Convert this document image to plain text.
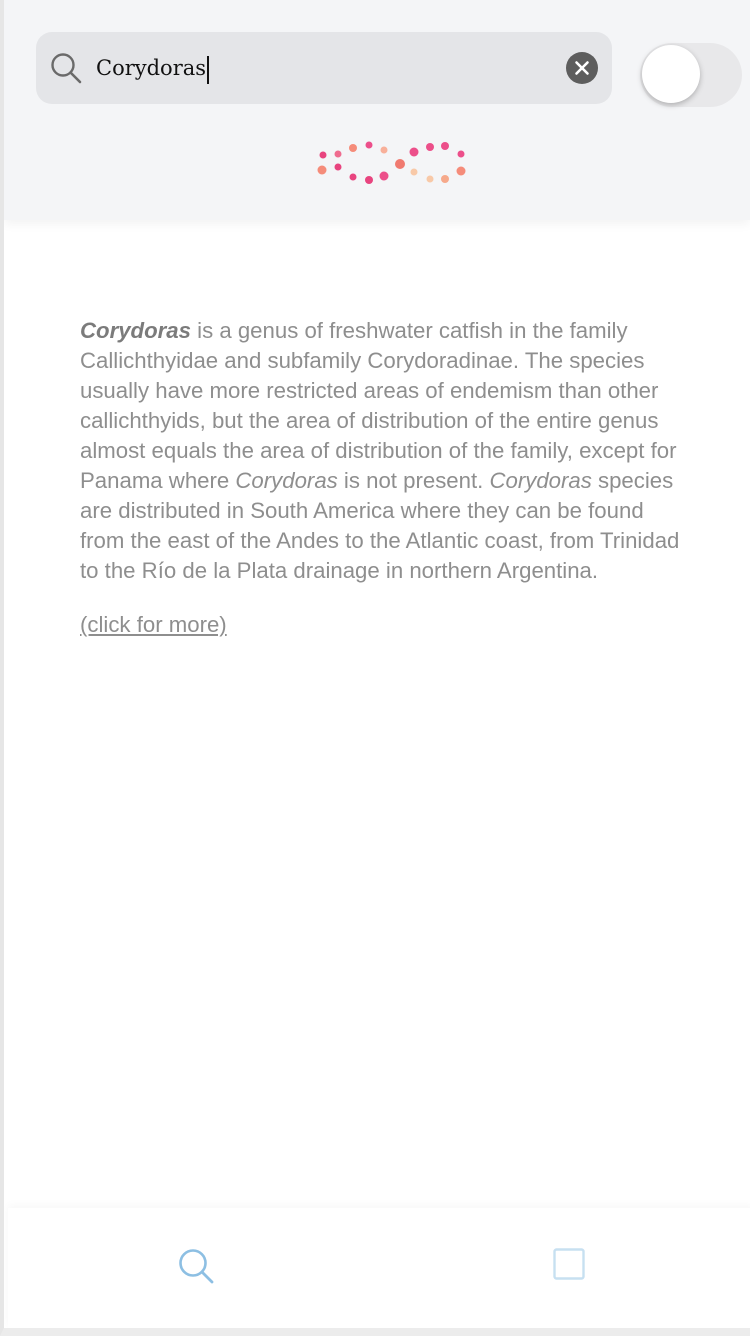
Corydoras

Corydoras is a genus of freshwater catfish in the family Callichthyidae and subfamily Corydoradinae. The species usually have more restricted areas of endemism than other callichthyids, but the area of distribution of the entire genus almost equals the area of distribution of the family, except for Panama where Corydoras is not present. Corydoras species are distributed in South America where they can be found from the east of the Andes to the Atlantic coast, from Trinidad to the Río de la Plata drainage in northern Argentina.

(click for more)
